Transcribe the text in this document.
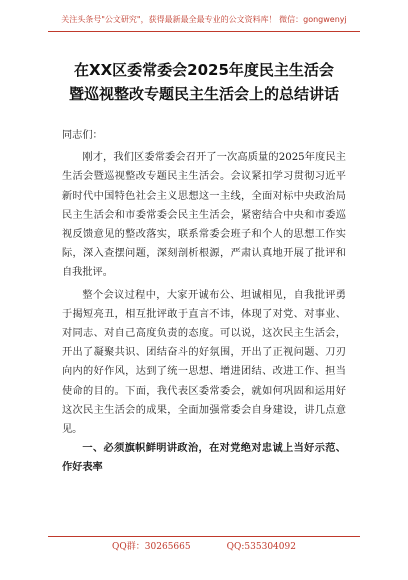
关注头条号"公文研究"，获得最新最全最专业的公文资料库！ 微信：gongwenyj
在XX区委常委会2025年度民主生活会
暨巡视整改专题民主生活会上的总结讲话

同志们：

刚才，我们区委常委会召开了一次高质量的2025年度民主生活会暨巡视整改专题民主生活会。会议紧扣学习贯彻习近平新时代中国特色社会主义思想这一主线，全面对标中央政治局民主生活会和市委常委会民主生活会，紧密结合中央和市委巡视反馈意见的整改落实，联系常委会班子和个人的思想工作实际，深入查摆问题，深刻剖析根源，严肃认真地开展了批评和自我批评。

整个会议过程中，大家开诚布公、坦诚相见，自我批评勇于揭短亮丑，相互批评敢于直言不讳，体现了对党、对事业、对同志、对自己高度负责的态度。可以说，这次民主生活会，开出了凝聚共识、团结奋斗的好氛围，开出了正视问题、刀刃向内的好作风，达到了统一思想、增进团结、改进工作、担当使命的目的。下面，我代表区委常委会，就如何巩固和运用好这次民主生活会的成果，全面加强常委会自身建设，讲几点意见。

一、必须旗帜鲜明讲政治，在对党绝对忠诚上当好示范、作好表率

QQ群：30265665	QQ:535304092
